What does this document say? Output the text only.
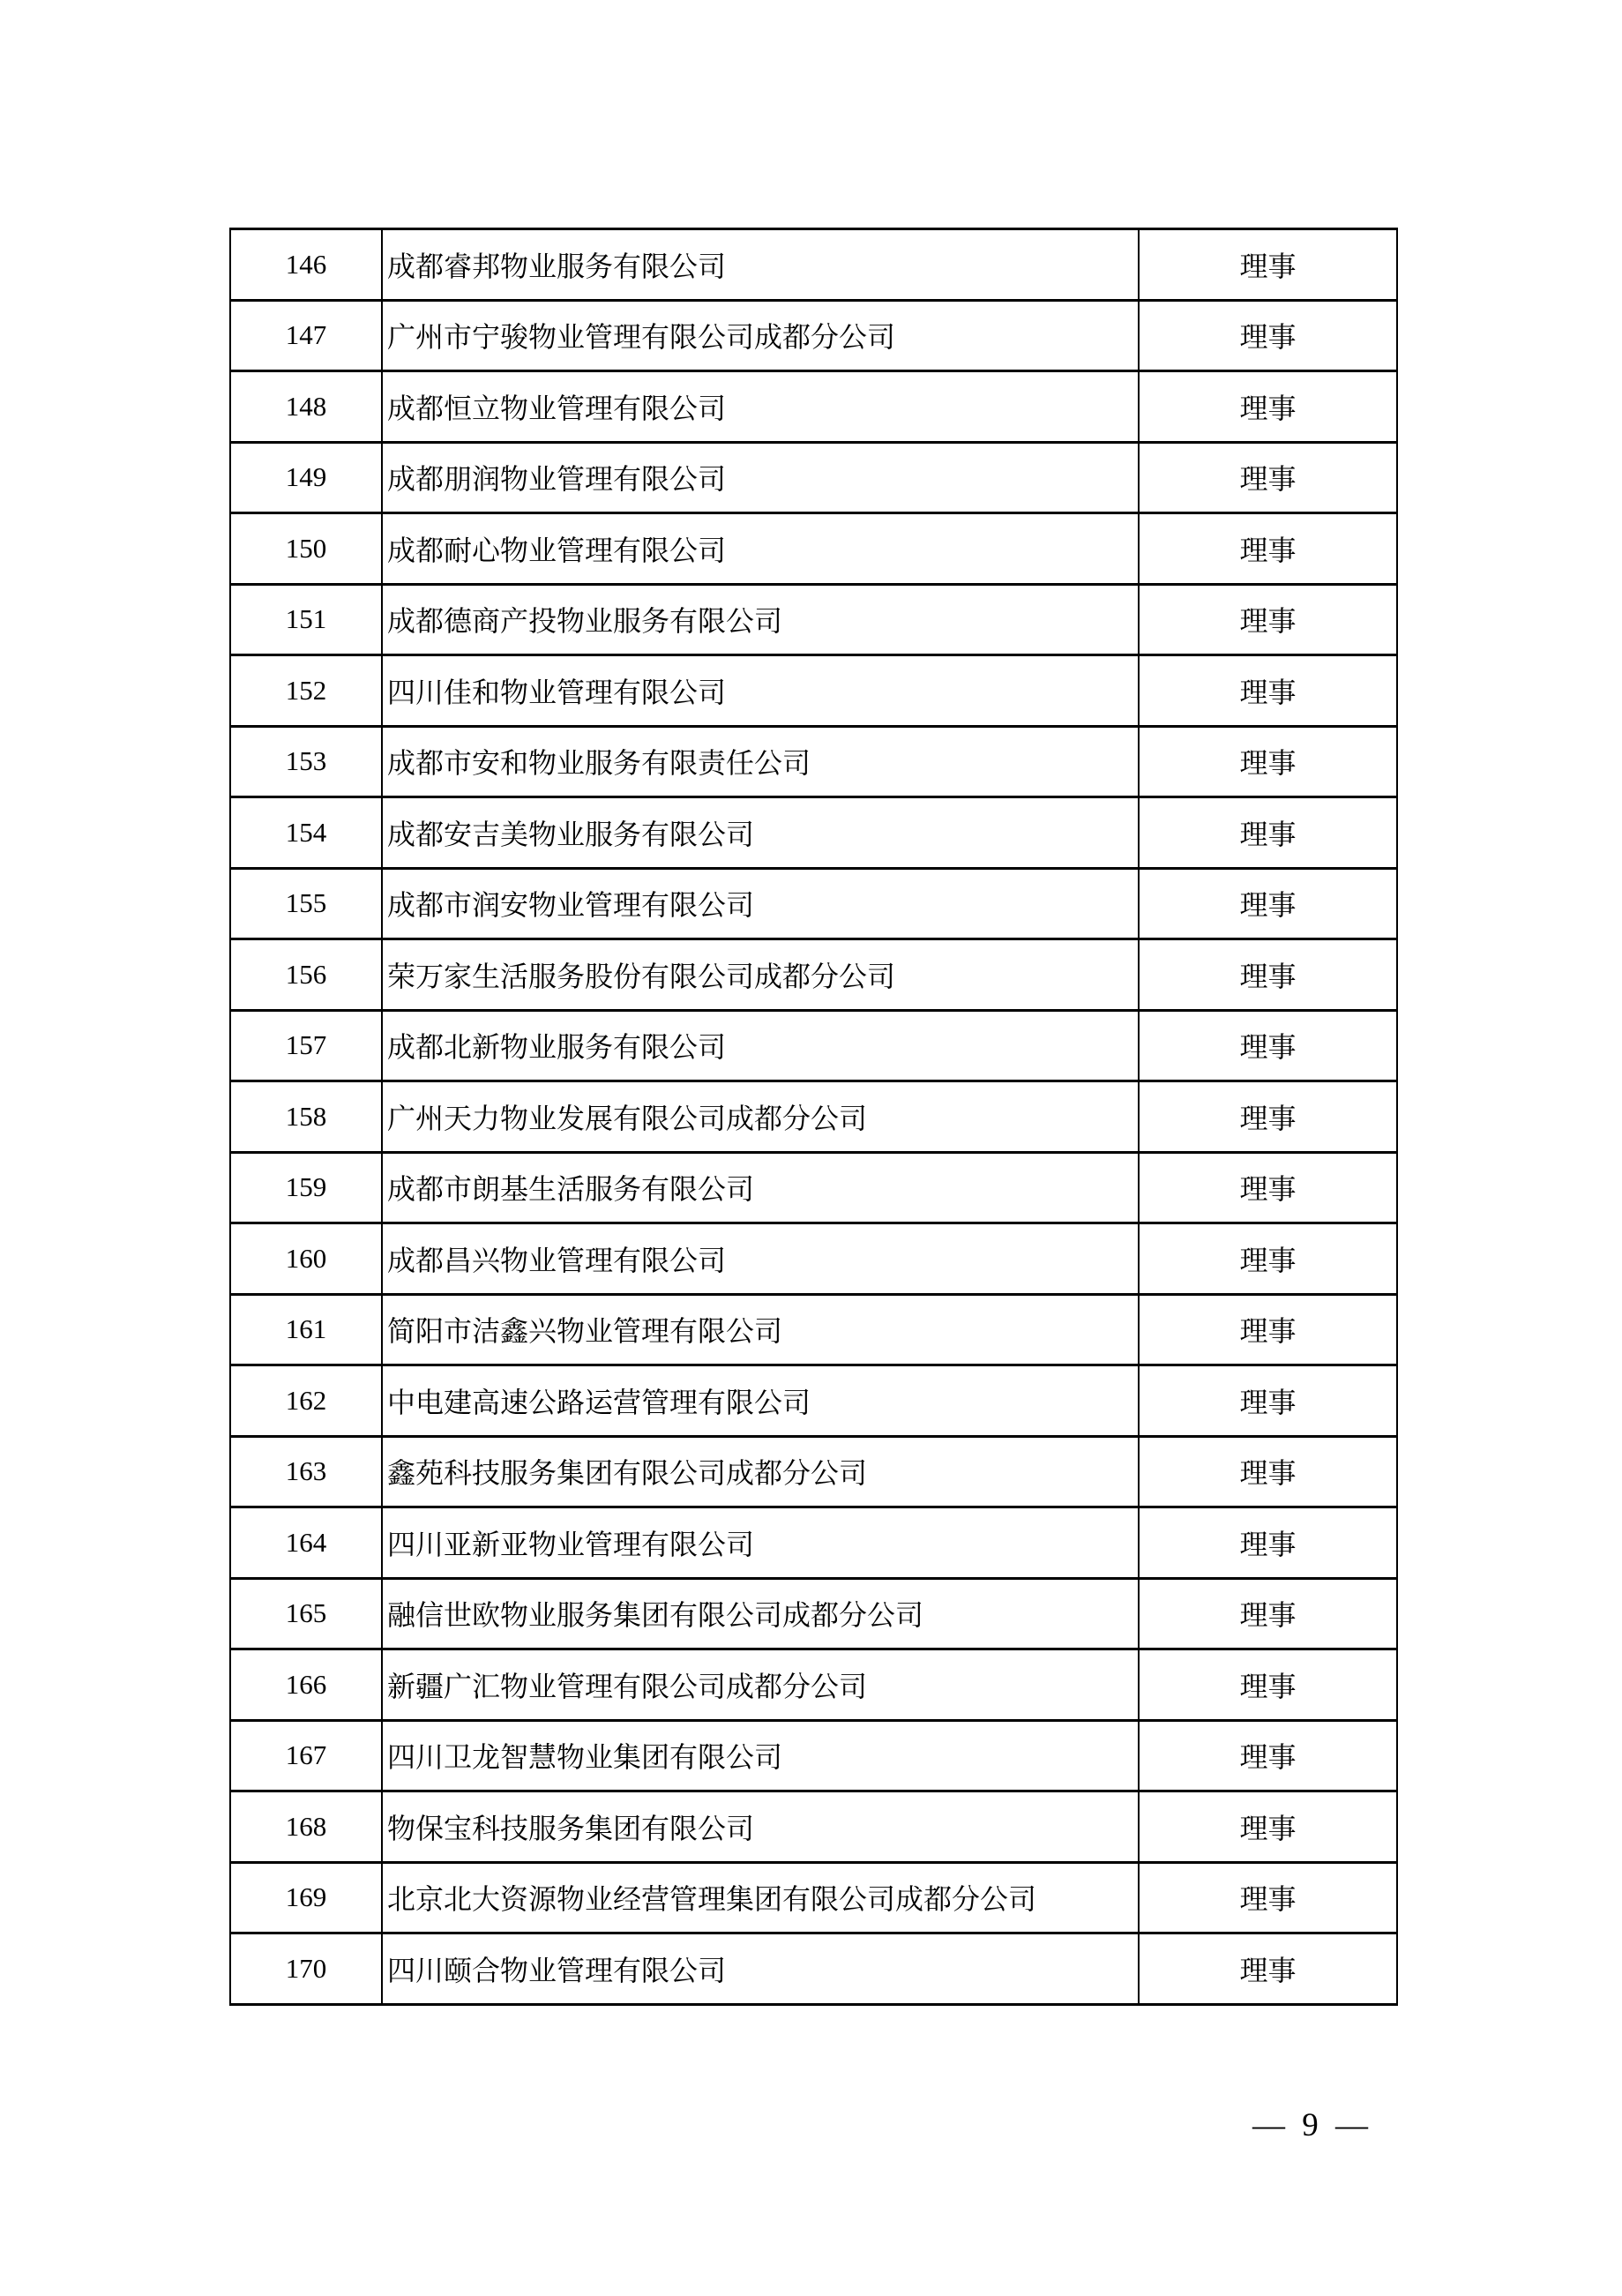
146	成都睿邦物业服务有限公司	理事
147	广州市宁骏物业管理有限公司成都分公司	理事
148	成都恒立物业管理有限公司	理事
149	成都朋润物业管理有限公司	理事
150	成都耐心物业管理有限公司	理事
151	成都德商产投物业服务有限公司	理事
152	四川佳和物业管理有限公司	理事
153	成都市安和物业服务有限责任公司	理事
154	成都安吉美物业服务有限公司	理事
155	成都市润安物业管理有限公司	理事
156	荣万家生活服务股份有限公司成都分公司	理事
157	成都北新物业服务有限公司	理事
158	广州天力物业发展有限公司成都分公司	理事
159	成都市朗基生活服务有限公司	理事
160	成都昌兴物业管理有限公司	理事
161	简阳市洁鑫兴物业管理有限公司	理事
162	中电建高速公路运营管理有限公司	理事
163	鑫苑科技服务集团有限公司成都分公司	理事
164	四川亚新亚物业管理有限公司	理事
165	融信世欧物业服务集团有限公司成都分公司	理事
166	新疆广汇物业管理有限公司成都分公司	理事
167	四川卫龙智慧物业集团有限公司	理事
168	物保宝科技服务集团有限公司	理事
169	北京北大资源物业经营管理集团有限公司成都分公司	理事
170	四川颐合物业管理有限公司	理事
— 9 —
